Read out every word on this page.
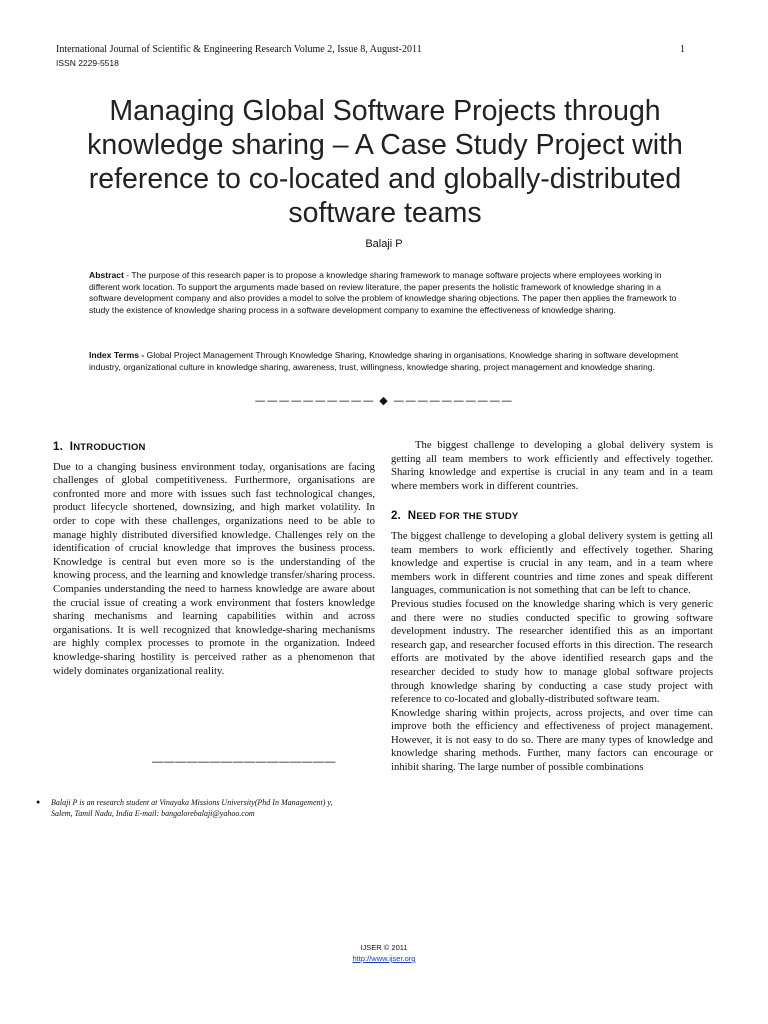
International Journal of Scientific & Engineering Research Volume 2, Issue 8, August-2011	1
ISSN 2229-5518
Managing Global Software Projects through knowledge sharing – A Case Study Project with reference to co-located and globally-distributed software teams
Balaji P

Abstract - The purpose of this research paper is to propose a knowledge sharing framework to manage software projects where employees working in different work location. To support the arguments made based on review literature, the paper presents the holistic framework of knowledge sharing in a software development company and also provides a model to solve the problem of knowledge sharing objections. The paper then applies the framework to study the existence of knowledge sharing process in a software development company to examine the effectiveness of knowledge sharing.

Index Terms - Global Project Management Through Knowledge Sharing, Knowledge sharing in organisations, Knowledge sharing in software development industry, organizational culture in knowledge sharing, awareness, trust, willingness, knowledge sharing, project management and knowledge sharing.

—————————— ◆ ——————————
1. INTRODUCTION

Due to a changing business environment today, organisations are facing challenges of global competitiveness. Furthermore, organisations are confronted more and more with issues such fast technological changes, product lifecycle shortened, downsizing, and high market volatility. In order to cope with these challenges, organizations need to be able to manage highly distributed diversified knowledge. Challenges rely on the identification of crucial knowledge that improves the business process. Knowledge is central but even more so is the understanding of the knowing process, and the learning and knowledge transfer/sharing process. Companies understanding the need to harness knowledge are aware about the crucial issue of creating a work environment that fosters knowledge sharing mechanisms and learning capabilities within and across organisations. It is well recognized that knowledge-sharing mechanisms are highly complex processes to promote in the organization. Indeed knowledge-sharing hostility is perceived rather as a phenomenon that widely dominates organizational reality.

————————————————
● Balaji P is an research student at Vinayaka Missions University(Phd In Management) y, Salem, Tamil Nadu, India E-mail: bangalorebalaji@yahoo.com

The biggest challenge to developing a global delivery system is getting all team members to work efficiently and effectively together. Sharing knowledge and expertise is crucial in any team and in a team where members work in different countries.

2. NEED FOR THE STUDY

The biggest challenge to developing a global delivery system is getting all team members to work efficiently and effectively together. Sharing knowledge and expertise is crucial in any team, and in a team where members work in different countries and time zones and speak different languages, communication is not something that can be left to chance.

Previous studies focused on the knowledge sharing which is very generic and there were no studies conducted specific to growing software development industry. The researcher identified this as an important research gap, and researcher focused efforts in this direction. The research efforts are motivated by the above identified research gaps and the researcher decided to study how to manage global software projects through knowledge sharing by conducting a case study project with reference to co-located and globally-distributed software team.

Knowledge sharing within projects, across projects, and over time can improve both the efficiency and effectiveness of project management. However, it is not easy to do so. There are many types of knowledge and knowledge sharing methods. Further, many factors can encourage or inhibit sharing. The large number of possible combinations

IJSER © 2011
http://www.ijser.org
